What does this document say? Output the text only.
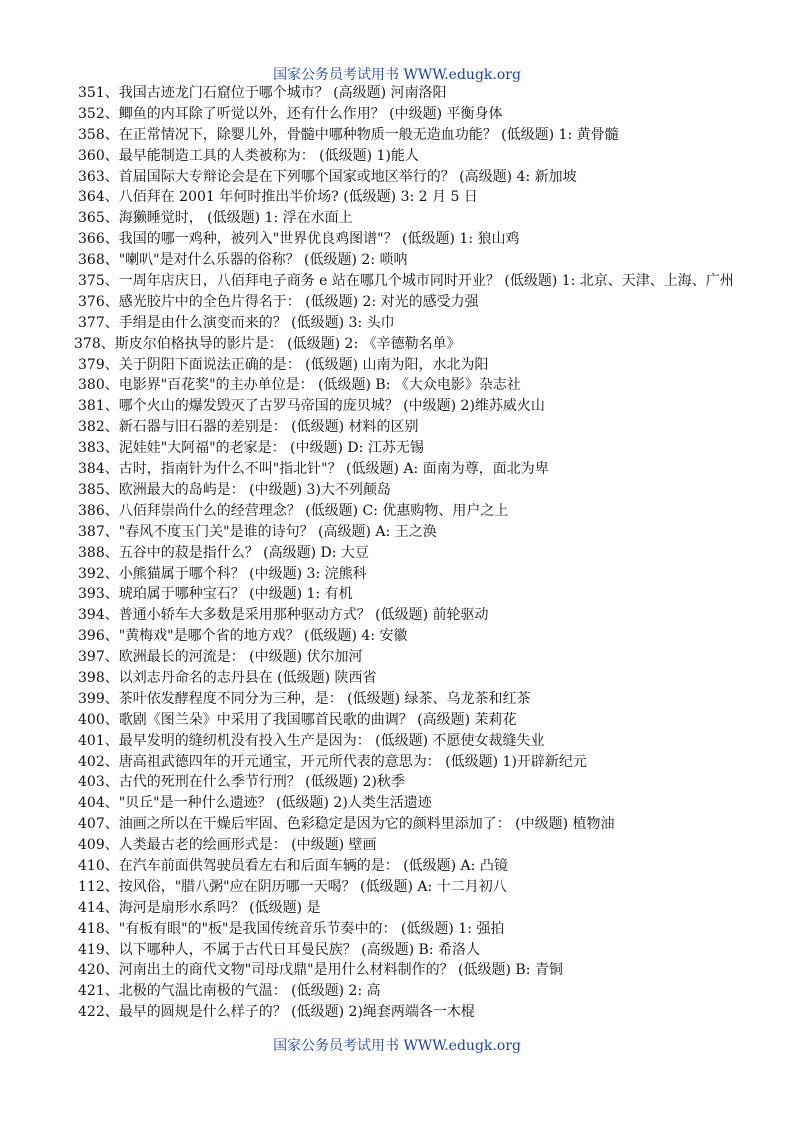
国家公务员考试用书 WWW.edugk.org
351、我国古迹龙门石窟位于哪个城市？ (高级题) 河南洛阳
352、鲫鱼的内耳除了听觉以外，还有什么作用？ (中级题) 平衡身体
358、在正常情况下，除婴儿外，骨髓中哪种物质一般无造血功能？ (低级题) 1: 黄骨髓
360、最早能制造工具的人类被称为： (低级题) 1)能人
363、首届国际大专辩论会是在下列哪个国家或地区举行的？ (高级题) 4: 新加坡
364、八佰拜在 2001 年何时推出半价场? (低级题) 3: 2 月 5 日
365、海獭睡觉时， (低级题) 1: 浮在水面上
366、我国的哪一鸡种，被列入"世界优良鸡图谱"？ (低级题) 1: 狼山鸡
368、"喇叭"是对什么乐器的俗称？ (低级题) 2: 唢呐
375、一周年店庆日，八佰拜电子商务 e 站在哪几个城市同时开业？ (低级题) 1: 北京、天津、上海、广州
376、感光胶片中的全色片得名于： (低级题) 2: 对光的感受力强
377、手绢是由什么演变而来的？ (低级题) 3: 头巾
378、斯皮尔伯格执导的影片是： (低级题) 2: 《辛德勒名单》
379、关于阴阳下面说法正确的是： (低级题) 山南为阳，水北为阳
380、电影界"百花奖"的主办单位是： (低级题) B: 《大众电影》杂志社
381、哪个火山的爆发毁灭了古罗马帝国的庞贝城？ (中级题) 2)维苏威火山
382、新石器与旧石器的差别是： (低级题) 材料的区别
383、泥娃娃"大阿福"的老家是： (中级题) D: 江苏无锡
384、古时，指南针为什么不叫"指北针"？ (低级题) A: 面南为尊，面北为卑
385、欧洲最大的岛屿是： (中级题) 3)大不列颠岛
386、八佰拜崇尚什么的经营理念？ (低级题) C: 优惠购物、用户之上
387、"春风不度玉门关"是谁的诗句？ (高级题) A: 王之涣
388、五谷中的菽是指什么？ (高级题) D: 大豆
392、小熊猫属于哪个科？ (中级题) 3: 浣熊科
393、琥珀属于哪种宝石？ (中级题) 1: 有机
394、普通小轿车大多数是采用那种驱动方式？ (低级题) 前轮驱动
396、"黄梅戏"是哪个省的地方戏？ (低级题) 4: 安徽
397、欧洲最长的河流是： (中级题) 伏尔加河
398、以刘志丹命名的志丹县在 (低级题) 陕西省
399、茶叶依发酵程度不同分为三种，是： (低级题) 绿茶、乌龙茶和红茶
400、歌剧《图兰朵》中采用了我国哪首民歌的曲调？ (高级题) 茉莉花
401、最早发明的缝纫机没有投入生产是因为： (低级题) 不愿使女裁缝失业
402、唐高祖武德四年的开元通宝，开元所代表的意思为： (低级题) 1)开辟新纪元
403、古代的死刑在什么季节行刑？ (低级题) 2)秋季
404、"贝丘"是一种什么遗迹？ (低级题) 2)人类生活遗迹
407、油画之所以在干燥后牢固、色彩稳定是因为它的颜料里添加了： (中级题) 植物油
409、人类最古老的绘画形式是： (中级题) 壁画
410、在汽车前面供驾驶员看左右和后面车辆的是： (低级题) A: 凸镜
112、按风俗，"腊八粥"应在阴历哪一天喝？ (低级题) A: 十二月初八
414、海河是扇形水系吗？ (低级题) 是
418、"有板有眼"的"板"是我国传统音乐节奏中的： (低级题) 1: 强拍
419、以下哪种人，不属于古代日耳曼民族？ (高级题) B: 希洛人
420、河南出土的商代文物"司母戊鼎"是用什么材料制作的？ (低级题) B: 青铜
421、北极的气温比南极的气温： (低级题) 2: 高
422、最早的圆规是什么样子的？ (低级题) 2)绳套两端各一木棍
国家公务员考试用书 WWW.edugk.org
